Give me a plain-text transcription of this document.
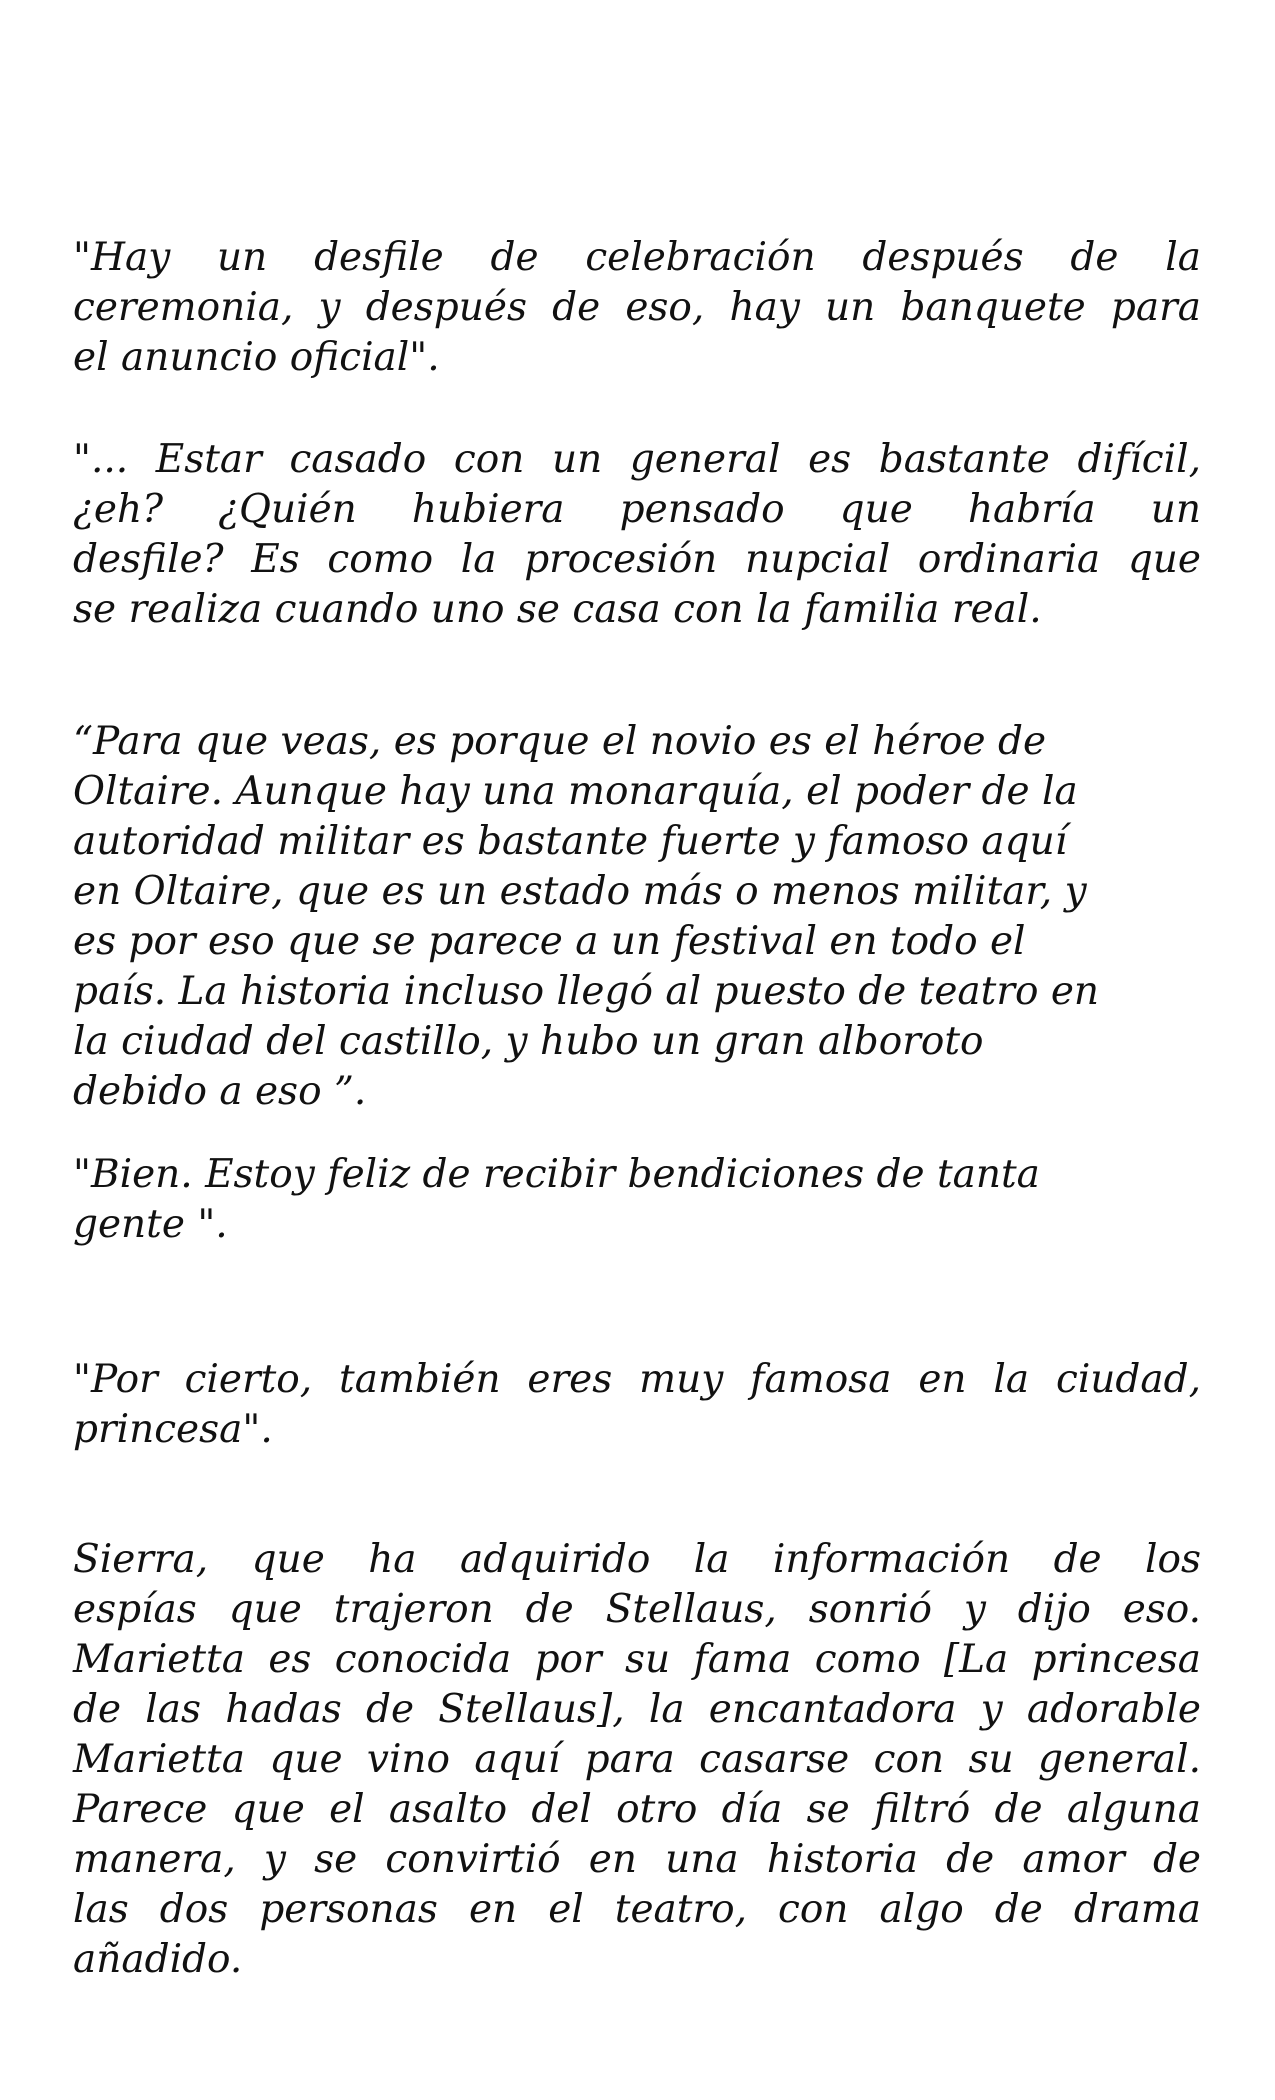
"Hay un desfile de celebración después de la
ceremonia, y después de eso, hay un banquete para
el anuncio oficial".
"... Estar casado con un general es bastante difícil,
¿eh? ¿Quién hubiera pensado que habría un
desfile? Es como la procesión nupcial ordinaria que
se realiza cuando uno se casa con la familia real.
“Para que veas, es porque el novio es el héroe de
Oltaire. Aunque hay una monarquía, el poder de la
autoridad militar es bastante fuerte y famoso aquí
en Oltaire, que es un estado más o menos militar, y
es por eso que se parece a un festival en todo el
país. La historia incluso llegó al puesto de teatro en
la ciudad del castillo, y hubo un gran alboroto
debido a eso ”.
"Bien. Estoy feliz de recibir bendiciones de tanta
gente ".
"Por cierto, también eres muy famosa en la ciudad,
princesa".
Sierra, que ha adquirido la información de los
espías que trajeron de Stellaus, sonrió y dijo eso.
Marietta es conocida por su fama como [La princesa
de las hadas de Stellaus], la encantadora y adorable
Marietta que vino aquí para casarse con su general.
Parece que el asalto del otro día se filtró de alguna
manera, y se convirtió en una historia de amor de
las dos personas en el teatro, con algo de drama
añadido.
